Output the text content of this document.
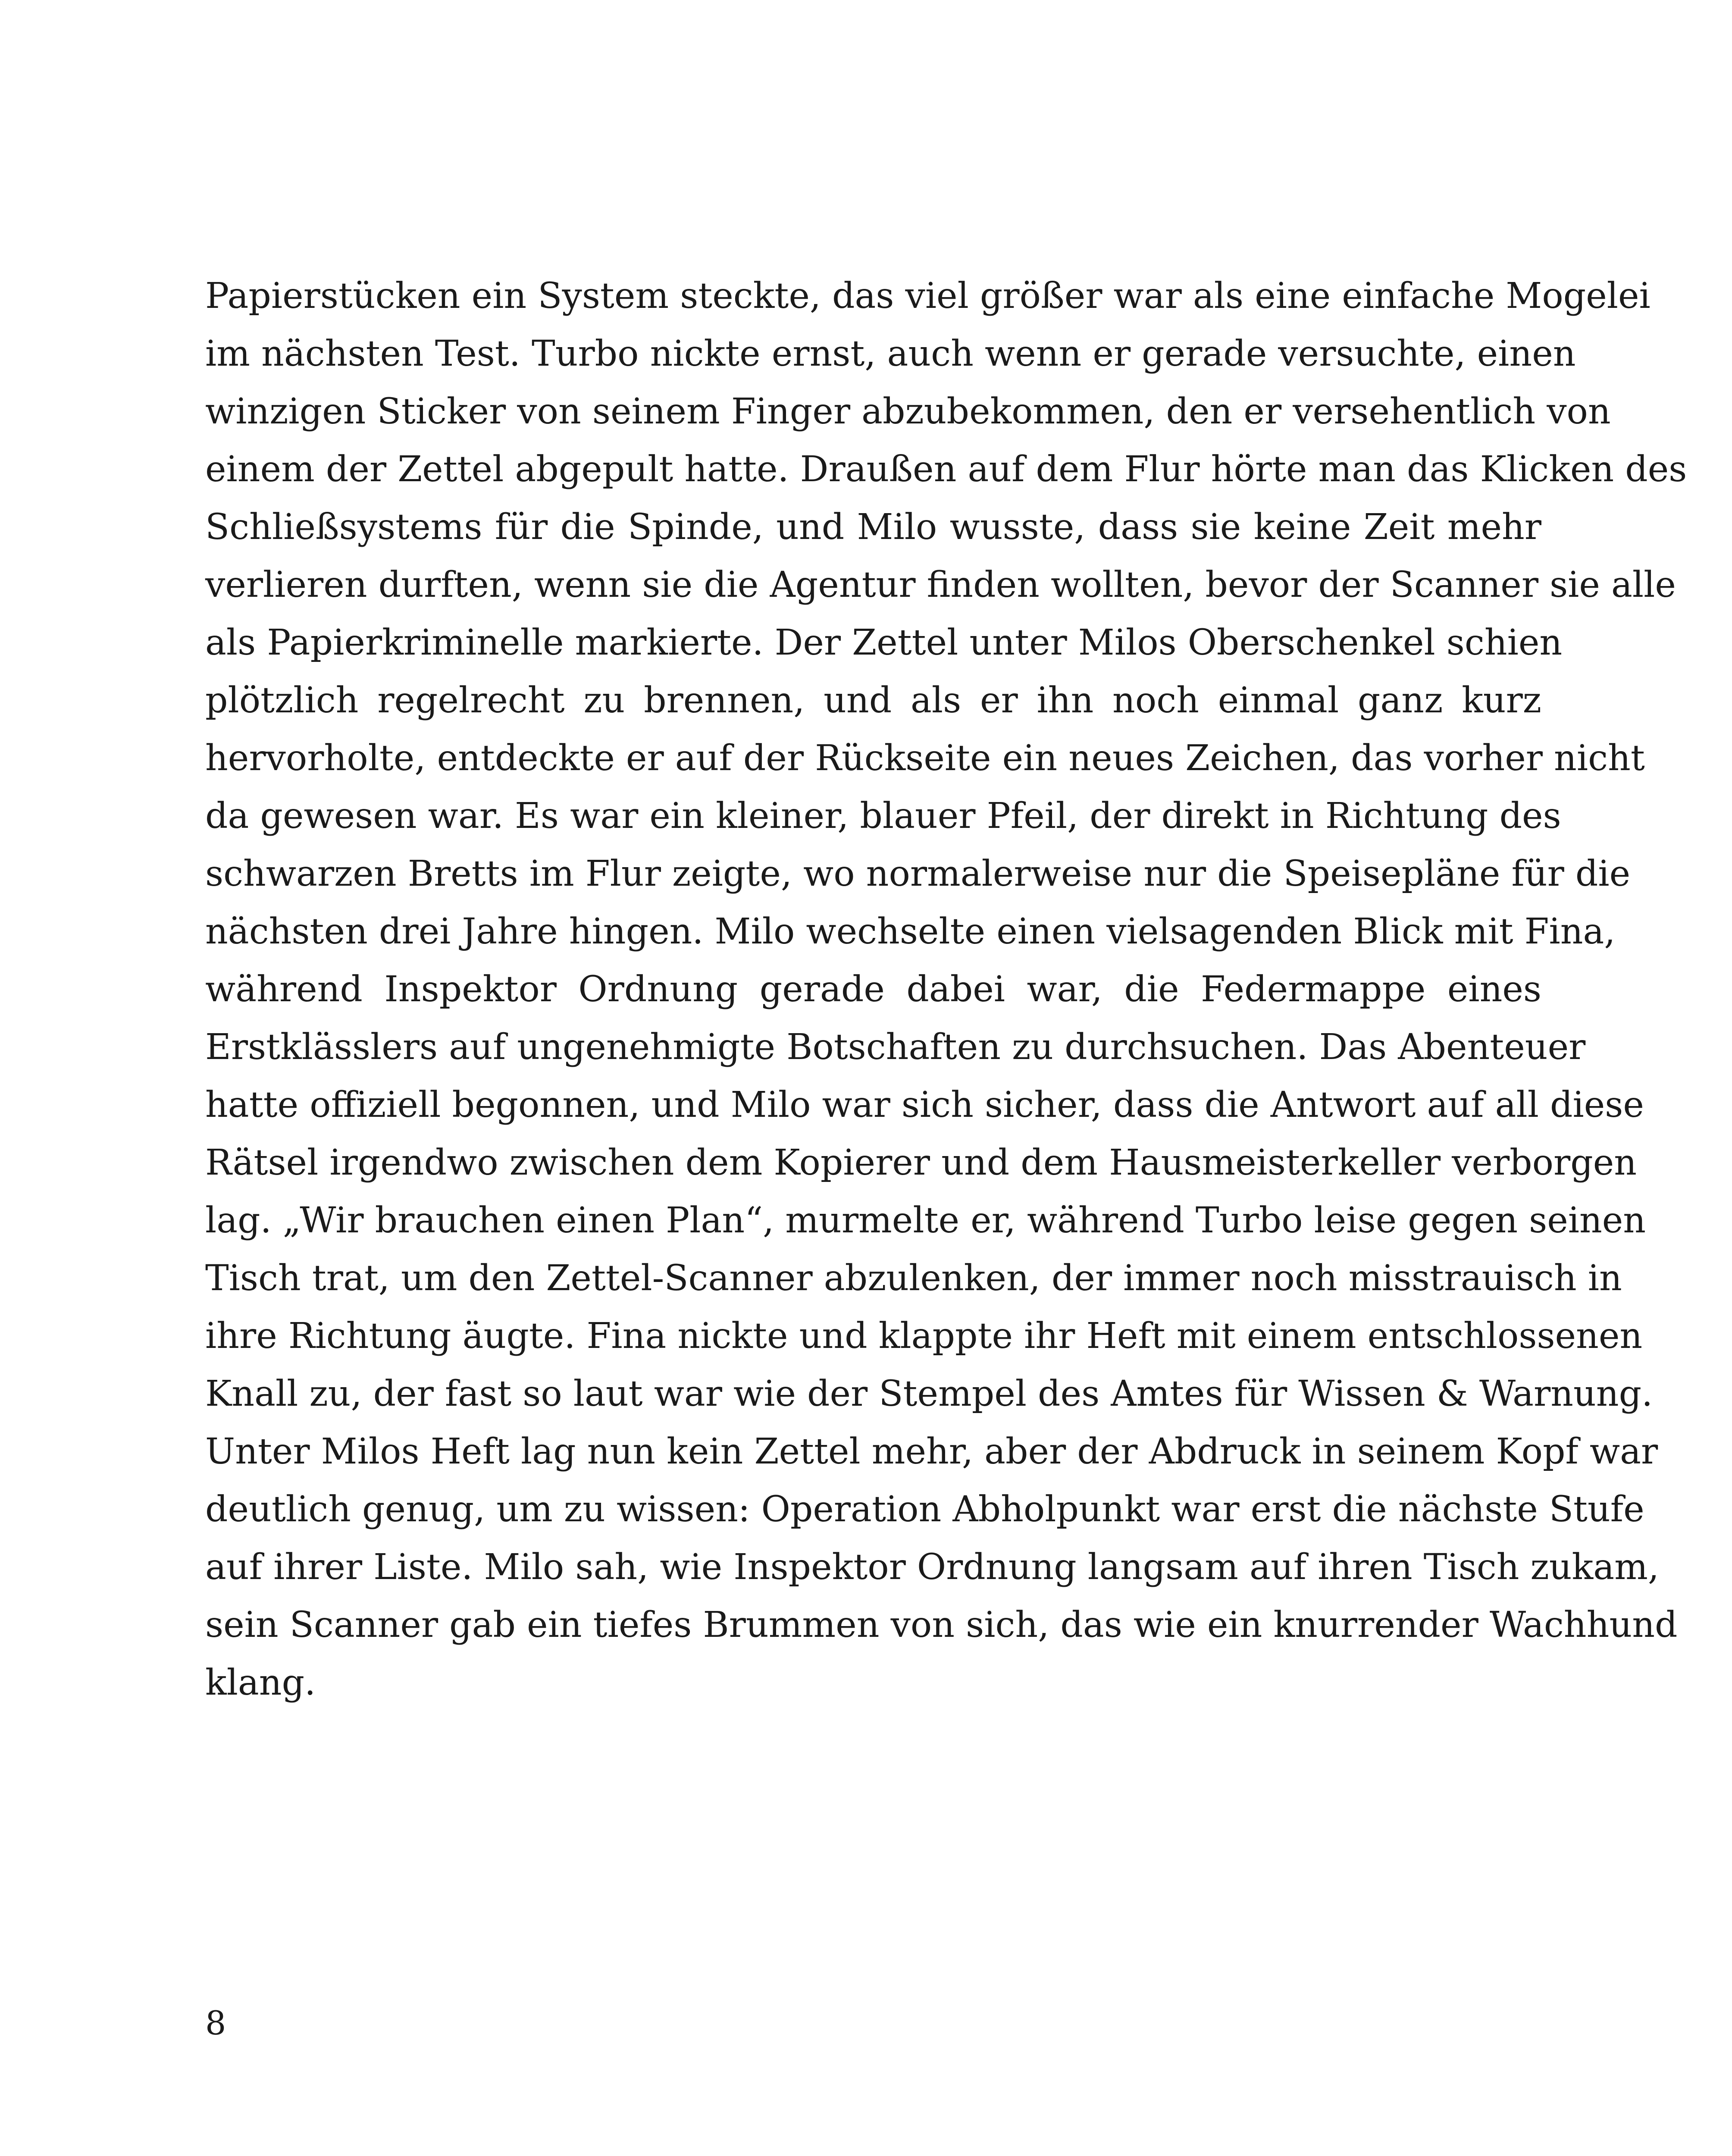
Papierstücken ein System steckte, das viel größer war als eine einfache Mogelei
im nächsten Test. Turbo nickte ernst, auch wenn er gerade versuchte, einen
winzigen Sticker von seinem Finger abzubekommen, den er versehentlich von
einem der Zettel abgepult hatte. Draußen auf dem Flur hörte man das Klicken des
Schließsystems für die Spinde, und Milo wusste, dass sie keine Zeit mehr
verlieren durften, wenn sie die Agentur finden wollten, bevor der Scanner sie alle
als Papierkriminelle markierte. Der Zettel unter Milos Oberschenkel schien
plötzlich regelrecht zu brennen, und als er ihn noch einmal ganz kurz
hervorholte, entdeckte er auf der Rückseite ein neues Zeichen, das vorher nicht
da gewesen war. Es war ein kleiner, blauer Pfeil, der direkt in Richtung des
schwarzen Bretts im Flur zeigte, wo normalerweise nur die Speisepläne für die
nächsten drei Jahre hingen. Milo wechselte einen vielsagenden Blick mit Fina,
während Inspektor Ordnung gerade dabei war, die Federmappe eines
Erstklässlers auf ungenehmigte Botschaften zu durchsuchen. Das Abenteuer
hatte offiziell begonnen, und Milo war sich sicher, dass die Antwort auf all diese
Rätsel irgendwo zwischen dem Kopierer und dem Hausmeisterkeller verborgen
lag. „Wir brauchen einen Plan“, murmelte er, während Turbo leise gegen seinen
Tisch trat, um den Zettel-Scanner abzulenken, der immer noch misstrauisch in
ihre Richtung äugte. Fina nickte und klappte ihr Heft mit einem entschlossenen
Knall zu, der fast so laut war wie der Stempel des Amtes für Wissen & Warnung.
Unter Milos Heft lag nun kein Zettel mehr, aber der Abdruck in seinem Kopf war
deutlich genug, um zu wissen: Operation Abholpunkt war erst die nächste Stufe
auf ihrer Liste. Milo sah, wie Inspektor Ordnung langsam auf ihren Tisch zukam,
sein Scanner gab ein tiefes Brummen von sich, das wie ein knurrender Wachhund
klang.
8
